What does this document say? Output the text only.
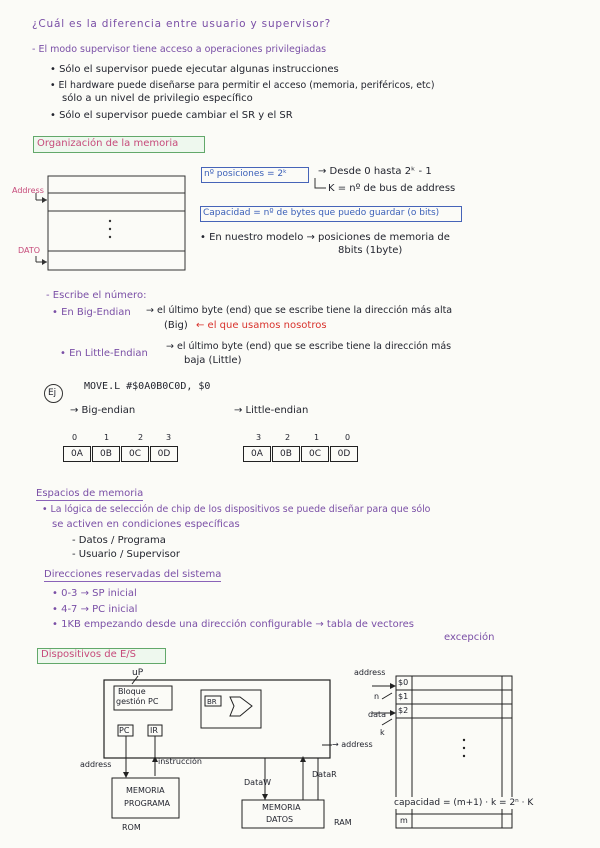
¿Cuál es la diferencia entre usuario y supervisor?
- El modo supervisor tiene acceso a operaciones privilegiadas
• Sólo el supervisor puede ejecutar algunas instrucciones
• El hardware puede diseñarse para permitir el acceso (memoria, periféricos, etc)
sólo a un nivel de privilegio específico
• Sólo el supervisor puede cambiar el SR y el SR
Organización de la memoria
Address
DATO
nº posiciones = 2ᵏ	→ Desde 0 hasta 2ᵏ - 1
K = nº de bus de address
Capacidad = nº de bytes que puedo guardar (o bits)
• En nuestro modelo → posiciones de memoria de
8bits (1byte)
- Escribe el número:
• En Big-Endian → el último byte (end) que se escribe tiene la dirección más alta
(Big) ← el que usamos nosotros
• En Little-Endian
→ el último byte (end) que se escribe tiene la dirección más
baja (Little)
Ej
MOVE.L #$0A0B0C0D, $0
→ Big-endian	→ Little-endian
0	1	2	3
0A	0B	0C	0D
3	2	1	0
0A	0B	0C	0D
Espacios de memoria
• La lógica de selección de chip de los dispositivos se puede diseñar para que sólo
se activen en condiciones específicas
- Datos / Programa
- Usuario / Supervisor
Direcciones reservadas del sistema
• 0-3 → SP inicial
• 4-7 → PC inicial
• 1KB empezando desde una dirección configurable → tabla de vectores
excepción
Dispositivos de E/S
uP
Bloque
gestión PC	BR
PC	IR
address	instrucción
→ address
DataW
DataR
MEMORIA
PROGRAMA
ROM
MEMORIA
DATOS	RAM
address
n
data
k
$0
$1
$2
m
capacidad = (m+1) · k = 2ⁿ · K
